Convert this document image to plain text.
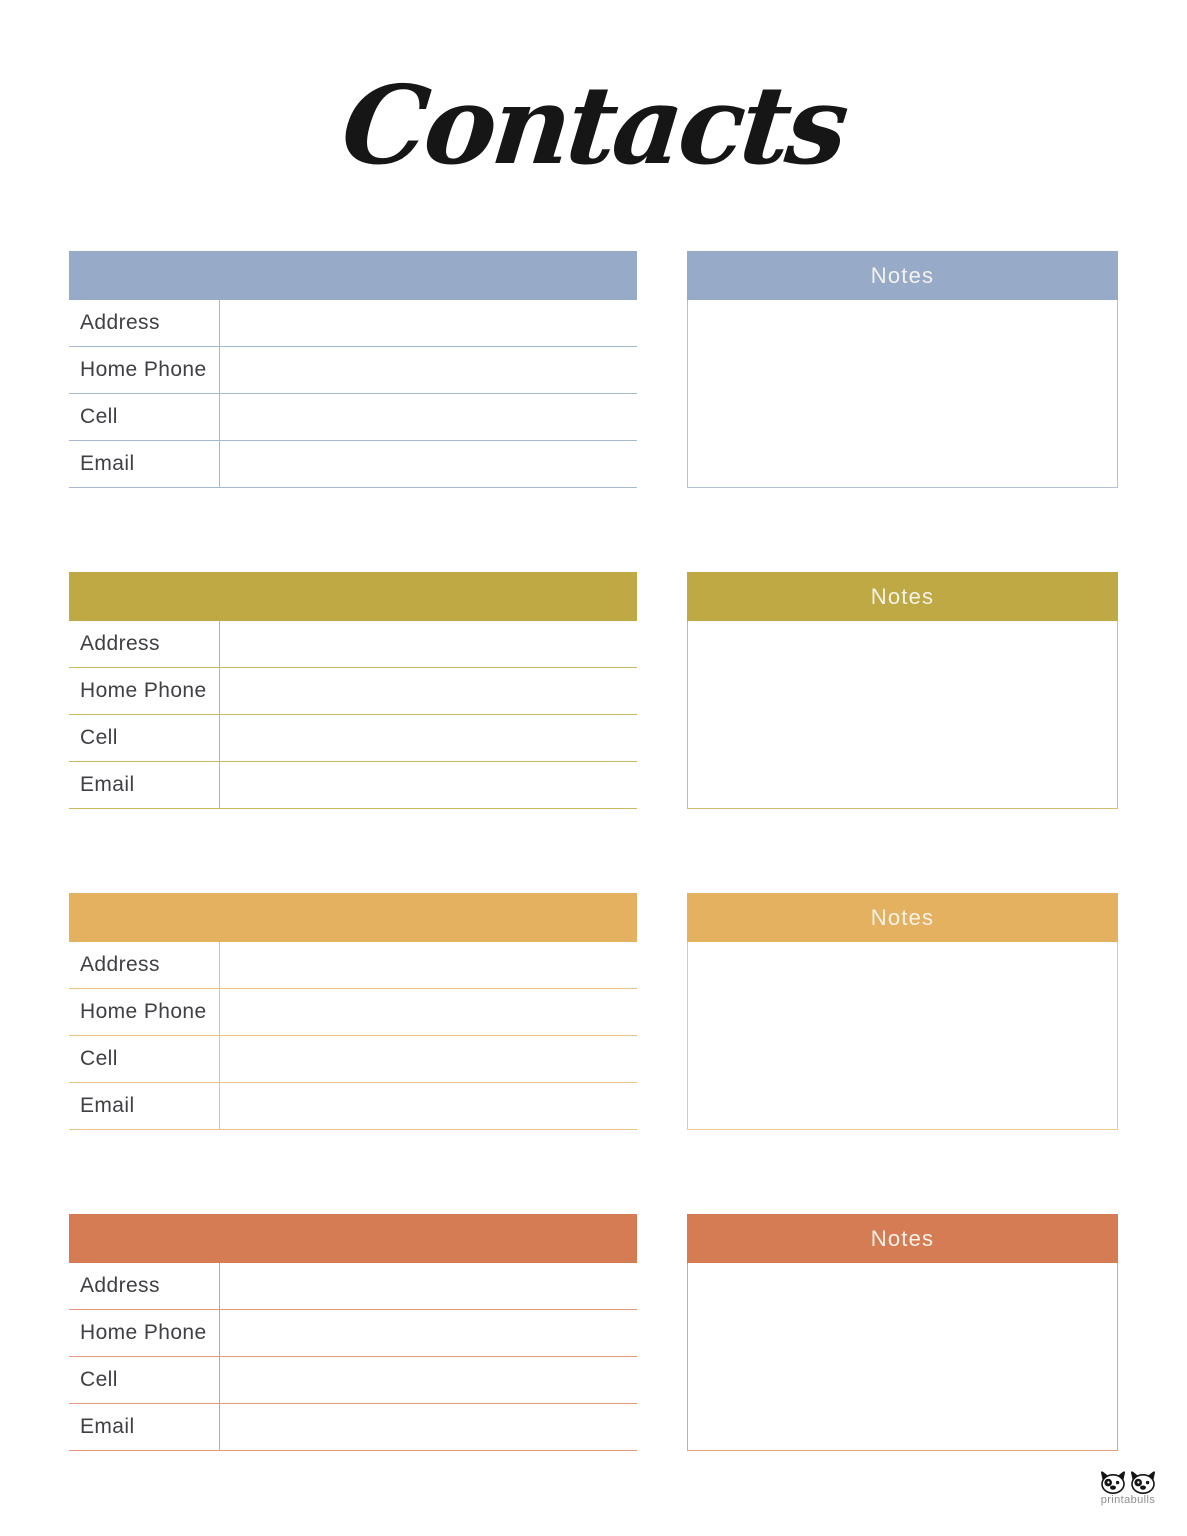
Contacts
Address
Home Phone
Cell
Email
Notes
Address
Home Phone
Cell
Email
Notes
Address
Home Phone
Cell
Email
Notes
Address
Home Phone
Cell
Email
Notes
printabulls
